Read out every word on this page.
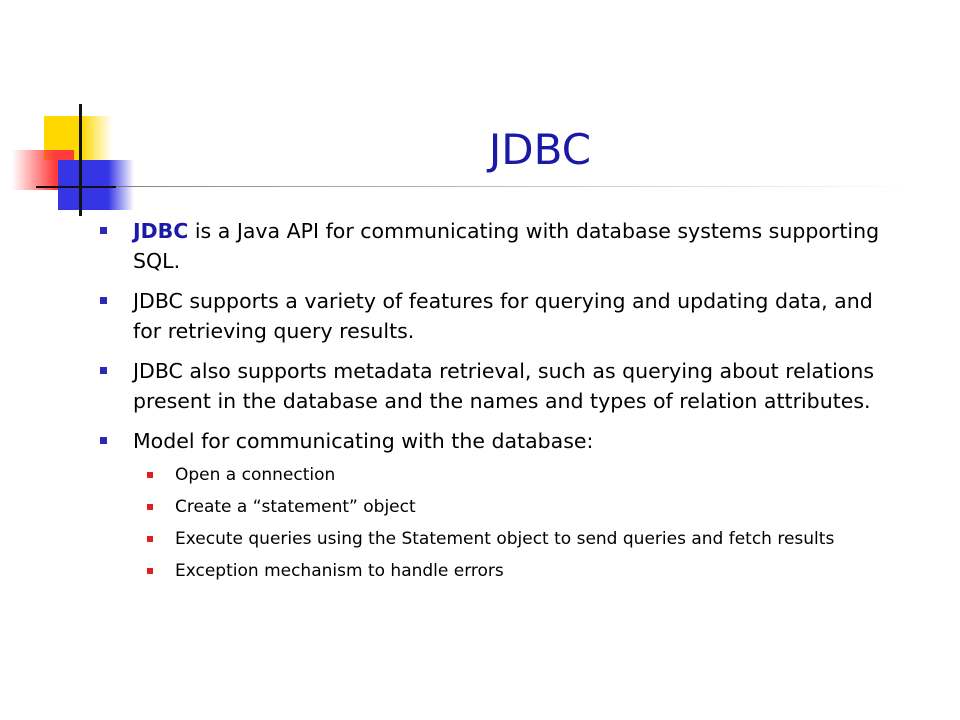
JDBC
JDBC is a Java API for communicating with database systems supporting SQL.
JDBC supports a variety of features for querying and updating data, and for retrieving query results.
JDBC also supports metadata retrieval, such as querying about relations present in the database and the names and types of relation attributes.
Model for communicating with the database:
Open a connection
Create a “statement” object
Execute queries using the Statement object to send queries and fetch results
Exception mechanism to handle errors
